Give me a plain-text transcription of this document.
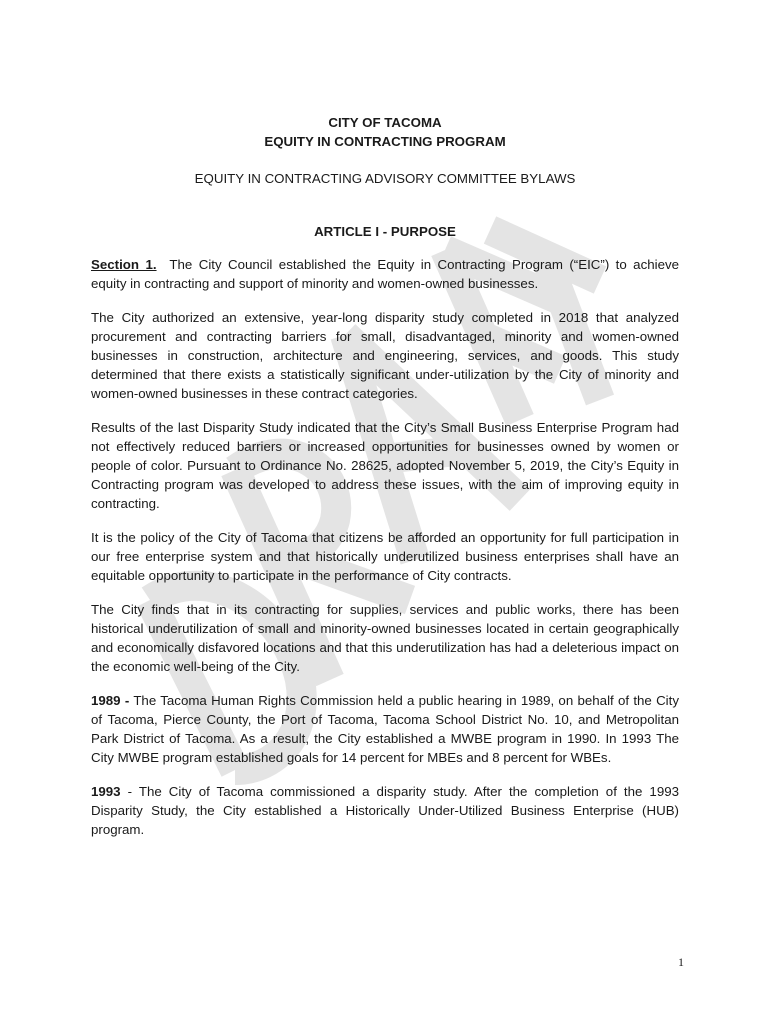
CITY OF TACOMA

EQUITY IN CONTRACTING PROGRAM

EQUITY IN CONTRACTING ADVISORY COMMITTEE BYLAWS

ARTICLE I - PURPOSE

Section 1. The City Council established the Equity in Contracting Program (“EIC”) to achieve equity in contracting and support of minority and women-owned businesses.

The City authorized an extensive, year-long disparity study completed in 2018 that analyzed procurement and contracting barriers for small, disadvantaged, minority and women-owned businesses in construction, architecture and engineering, services, and goods. This study determined that there exists a statistically significant under-utilization by the City of minority and women-owned businesses in these contract categories.

Results of the last Disparity Study indicated that the City’s Small Business Enterprise Program had not effectively reduced barriers or increased opportunities for businesses owned by women or people of color. Pursuant to Ordinance No. 28625, adopted November 5, 2019, the City’s Equity in Contracting program was developed to address these issues, with the aim of improving equity in contracting.

It is the policy of the City of Tacoma that citizens be afforded an opportunity for full participation in our free enterprise system and that historically underutilized business enterprises shall have an equitable opportunity to participate in the performance of City contracts.

The City finds that in its contracting for supplies, services and public works, there has been historical underutilization of small and minority-owned businesses located in certain geographically and economically disfavored locations and that this underutilization has had a deleterious impact on the economic well-being of the City.

1989 - The Tacoma Human Rights Commission held a public hearing in 1989, on behalf of the City of Tacoma, Pierce County, the Port of Tacoma, Tacoma School District No. 10, and Metropolitan Park District of Tacoma. As a result, the City established a MWBE program in 1990. In 1993 The City MWBE program established goals for 14 percent for MBEs and 8 percent for WBEs.

1993 - The City of Tacoma commissioned a disparity study. After the completion of the 1993 Disparity Study, the City established a Historically Under-Utilized Business Enterprise (HUB) program.

1
